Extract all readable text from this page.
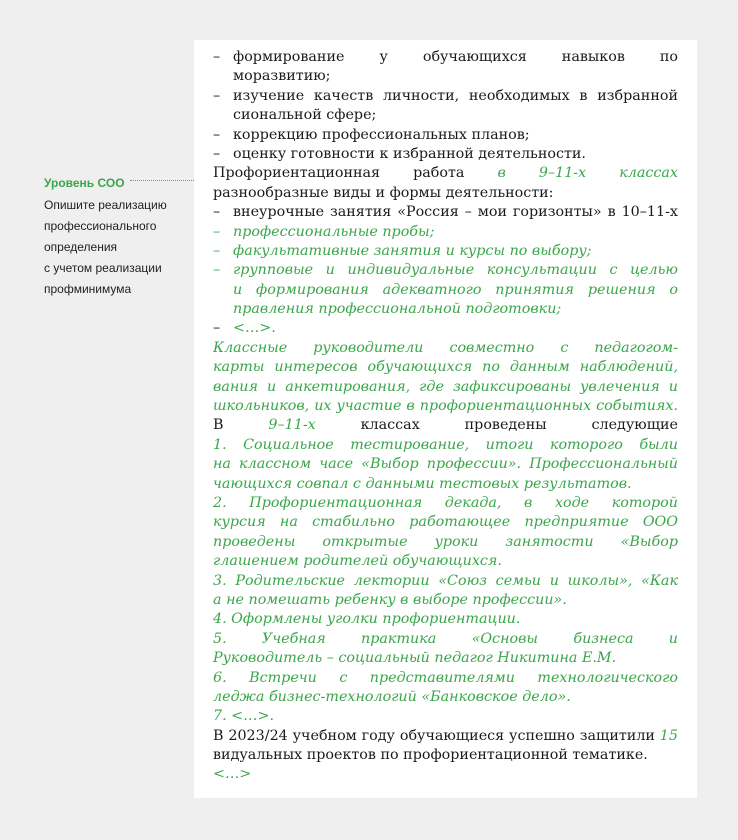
Уровень СОО
Опишите реализацию
профессионального
определения
с учетом реализации
профминимума
– формирование у обучающихся навыков по
моразвитию;
– изучение качеств личности, необходимых в избранной
сиональной сфере;
– коррекцию профессиональных планов;
– оценку готовности к избранной деятельности.
Профориентационная работа в 9–11-х классах
разнообразные виды и формы деятельности:
– внеурочные занятия «Россия – мои горизонты» в 10–11-х
– профессиональные пробы;
– факультативные занятия и курсы по выбору;
– групповые и индивидуальные консультации с целью
и формирования адекватного принятия решения о
правления профессиональной подготовки;
– <…>.
Классные руководители совместно с педагогом-
карты интересов обучающихся по данным наблюдений,
вания и анкетирования, где зафиксированы увлечения и
школьников, их участие в профориентационных событиях.
В 9–11-х	классах проведены следующие
1. Социальное тестирование, итоги которого были
на классном часе «Выбор профессии». Профессиональный
чающихся совпал с данными тестовых результатов.
2. Профориентационная декада, в ходе которой
курсия на стабильно работающее предприятие ООО
проведены открытые уроки занятости «Выбор
глашением родителей обучающихся.
3. Родительские лектории «Союз семьи и школы», «Как
а не помешать ребенку в выборе профессии».
4. Оформлены уголки профориентации.
5. Учебная практика «Основы бизнеса и
Руководитель – социальный педагог Никитина Е.М.
6. Встречи с представителями технологического
леджа бизнес-технологий «Банковское дело».
7. <…>.
В 2023/24 учебном году обучающиеся успешно защитили 15
видуальных проектов по профориентационной тематике.
<…>
